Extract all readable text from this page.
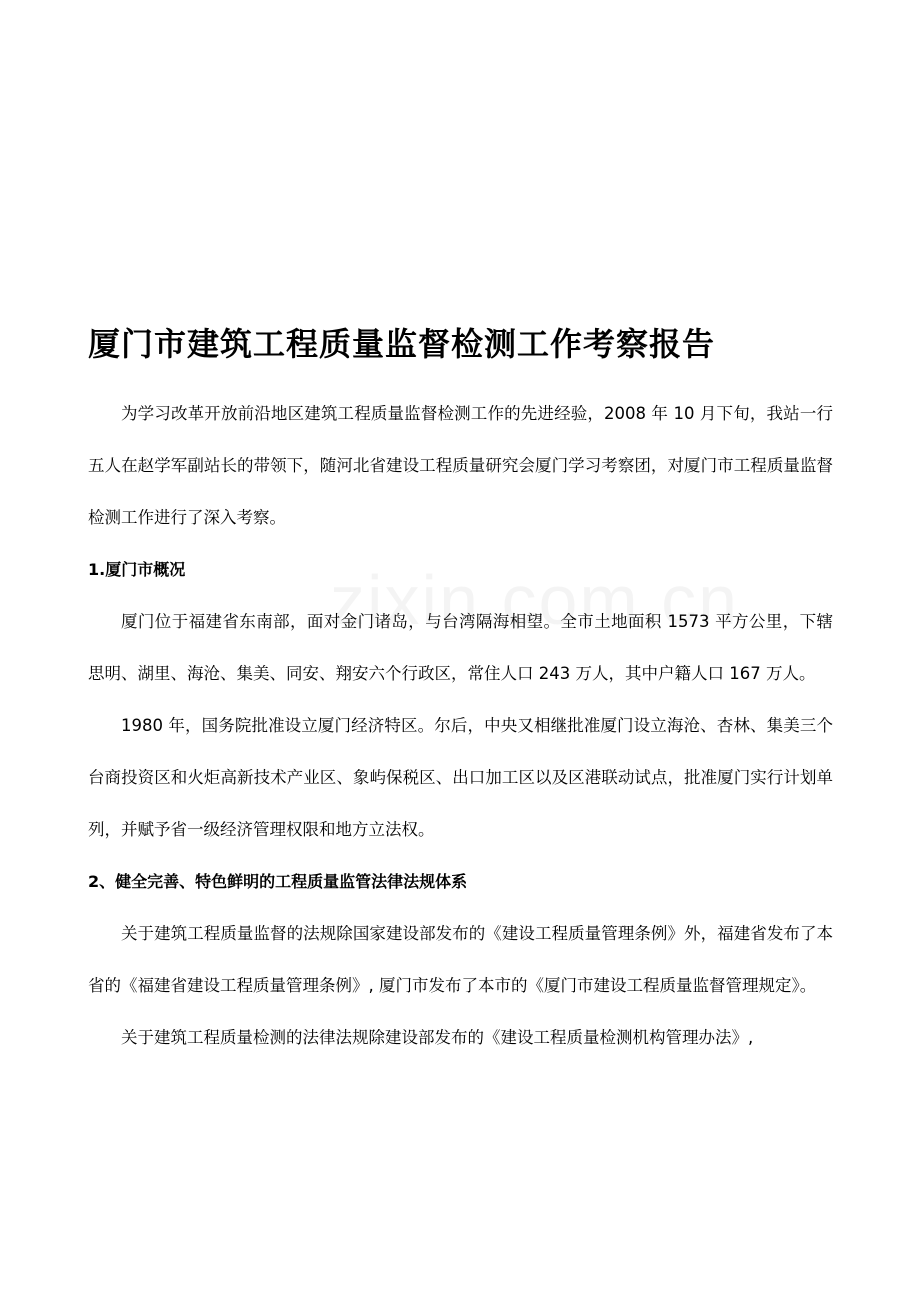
厦门市建筑工程质量监督检测工作考察报告

为学习改革开放前沿地区建筑工程质量监督检测工作的先进经验，2008 年 10 月下旬，我站一行五人在赵学军副站长的带领下，随河北省建设工程质量研究会厦门学习考察团，对厦门市工程质量监督检测工作进行了深入考察。

1.厦门市概况

厦门位于福建省东南部，面对金门诸岛，与台湾隔海相望。全市土地面积 1573 平方公里，下辖思明、湖里、海沧、集美、同安、翔安六个行政区，常住人口 243 万人，其中户籍人口 167 万人。

1980 年，国务院批准设立厦门经济特区。尔后，中央又相继批准厦门设立海沧、杏林、集美三个台商投资区和火炬高新技术产业区、象屿保税区、出口加工区以及区港联动试点，批准厦门实行计划单列，并赋予省一级经济管理权限和地方立法权。

2、健全完善、特色鲜明的工程质量监管法律法规体系

关于建筑工程质量监督的法规除国家建设部发布的《建设工程质量管理条例》外，福建省发布了本省的《福建省建设工程质量管理条例》, 厦门市发布了本市的《厦门市建设工程质量监督管理规定》。

关于建筑工程质量检测的法律法规除建设部发布的《建设工程质量检测机构管理办法》,
